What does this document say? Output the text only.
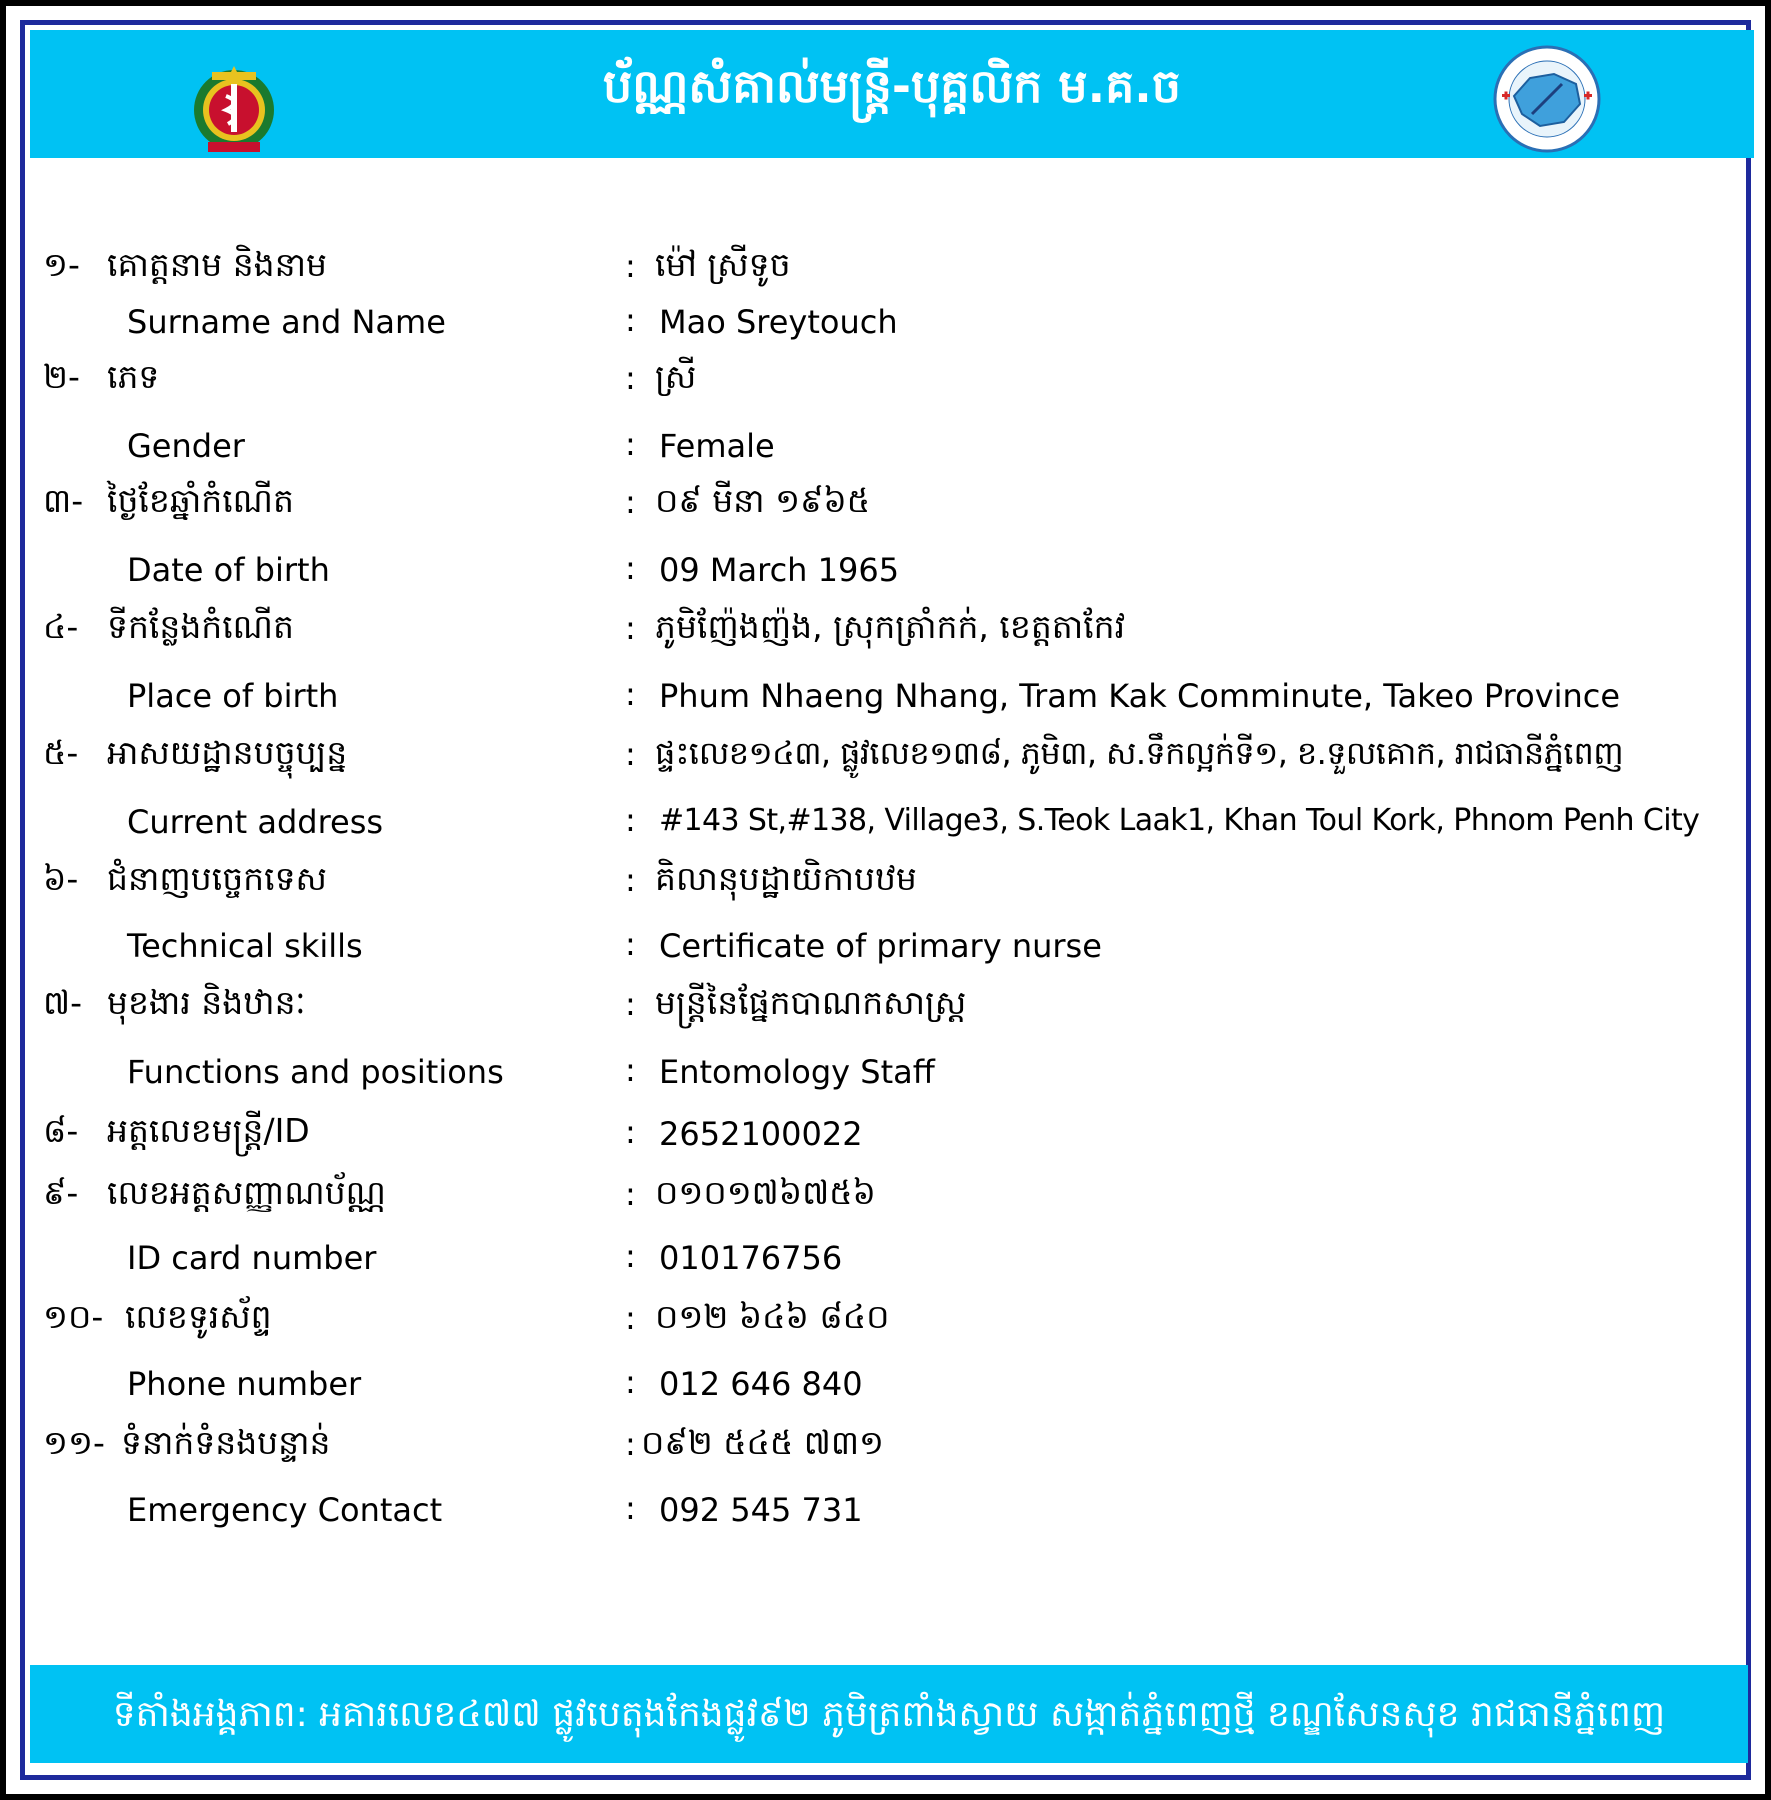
ប័ណ្ណសំគាល់មន្ត្រី-បុគ្គលិក ម.គ.ច
១- គោត្តនាម និងនាម	: ម៉ៅ ស្រីទូច
Surname and Name	: Mao Sreytouch
២- ភេទ	: ស្រី
Gender	: Female
៣- ថ្ងៃខែឆ្នាំកំណើត	: ០៩ មីនា ១៩៦៥
Date of birth	: 09 March 1965
៤- ទីកន្លែងកំណើត	: ភូមិញ៉ែងញ៉ង, ស្រុកត្រាំកក់, ខេត្តតាកែវ
Place of birth	: Phum Nhaeng Nhang, Tram Kak Comminute, Takeo Province
៥- អាសយដ្ឋានបច្ចុប្បន្ន	: ផ្ទះលេខ១៤៣, ផ្លូវលេខ១៣៨, ភូមិ៣, ស.ទឹកល្អក់ទី១, ខ.ទួលគោក, រាជធានីភ្នំពេញ
Current address	: #143 St,#138, Village3, S.Teok Laak1, Khan Toul Kork, Phnom Penh City
៦- ជំនាញបច្ចេកទេស	: គិលានុបដ្ឋាយិកាបឋម
Technical skills	: Certificate of primary nurse
៧- មុខងារ និងឋានៈ	: មន្ត្រីនៃផ្នែកបាណកសាស្ត្រ
Functions and positions	: Entomology Staff
៨- អត្តលេខមន្ត្រី/ID	: 2652100022
៩- លេខអត្តសញ្ញាណប័ណ្ណ	: ០១០១៧៦៧៥៦
ID card number	: 010176756
១០- លេខទូរស័ព្ទ	: ០១២ ៦៤៦ ៨៤០
Phone number	: 012 646 840
១១- ទំនាក់ទំនងបន្ទាន់	: ០៩២ ៥៤៥ ៧៣១
Emergency Contact	: 092 545 731
ទីតាំងអង្គភាព: អគារលេខ៤៧៧ ផ្លូវបេតុងកែងផ្លូវ៩២ ភូមិត្រពាំងស្វាយ សង្កាត់ភ្នំពេញថ្មី ខណ្ឌសែនសុខ រាជធានីភ្នំពេញ
